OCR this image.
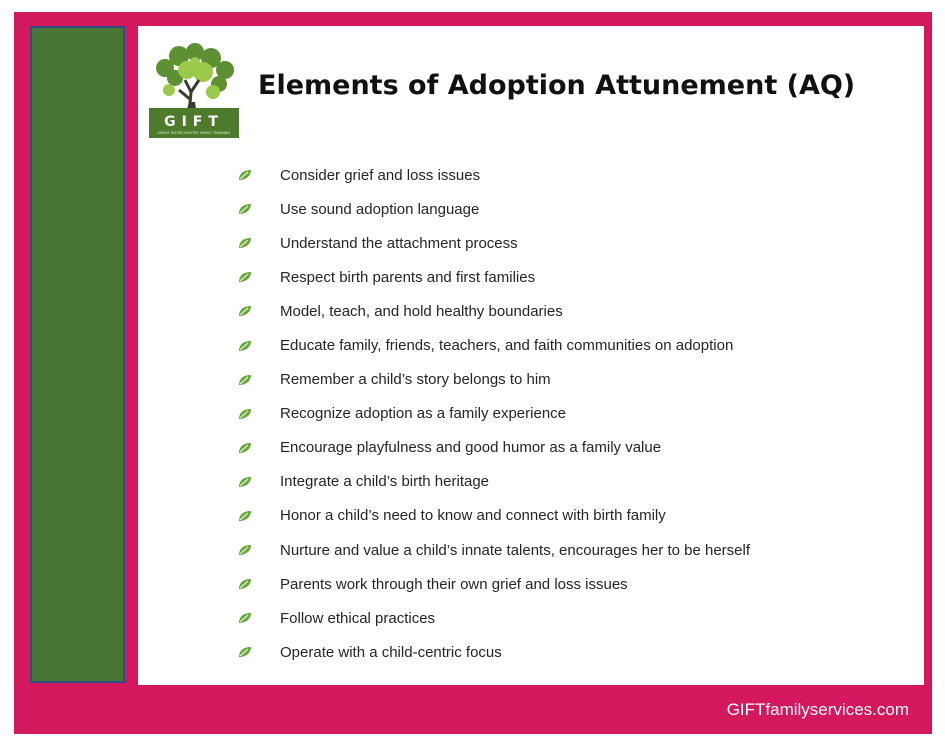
GIFT
GREAT INTERCOUNTRY FAMILY TRAINING
Elements of Adoption Attunement (AQ)
Consider grief and loss issues
Use sound adoption language
Understand the attachment process
Respect birth parents and first families
Model, teach, and hold healthy boundaries
Educate family, friends, teachers, and faith communities on adoption
Remember a child’s story belongs to him
Recognize adoption as a family experience
Encourage playfulness and good humor as a family value
Integrate a child’s birth heritage
Honor a child’s need to know and connect with birth family
Nurture and value a child’s innate talents, encourages her to be herself
Parents work through their own grief and loss issues
Follow ethical practices
Operate with a child-centric focus
GIFTfamilyservices.com
